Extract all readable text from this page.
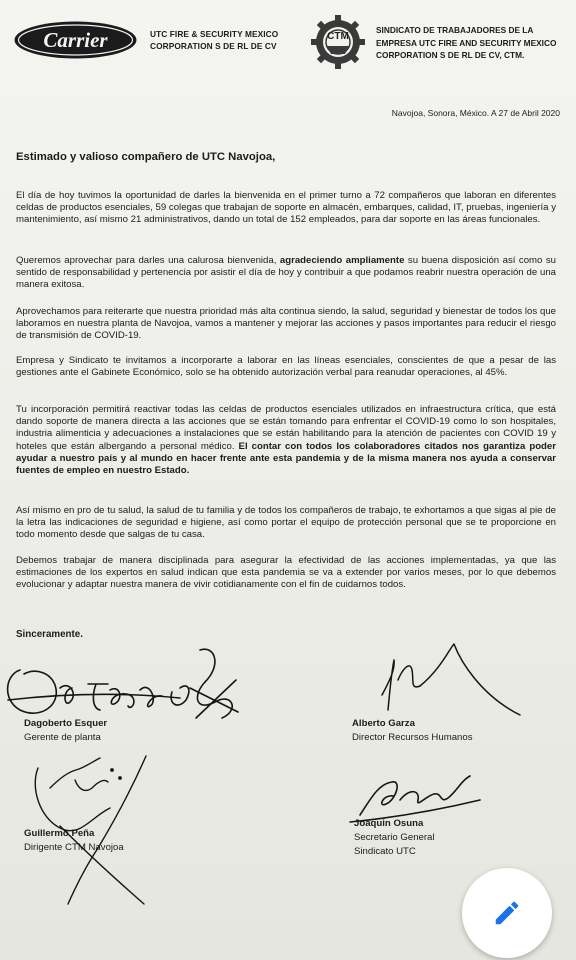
Carrier	UTC FIRE & SECURITY MEXICO
CORPORATION S DE RL DE CV
CTM
SINDICATO DE TRABAJADORES DE LA
EMPRESA UTC FIRE AND SECURITY MEXICO
CORPORATION S DE RL DE CV, CTM.
Navojoa, Sonora, México. A 27 de Abril 2020
Estimado y valioso compañero de UTC Navojoa,
El día de hoy tuvimos la oportunidad de darles la bienvenida en el primer turno a 72 compañeros que laboran en diferentes celdas de productos esenciales, 59 colegas que trabajan de soporte en almacén, embarques, calidad, IT, pruebas, ingeniería y mantenimiento, así mismo 21 administrativos, dando un total de 152 empleados, para dar soporte en las áreas funcionales.
Queremos aprovechar para darles una calurosa bienvenida, agradeciendo ampliamente su buena disposición así como su sentido de responsabilidad y pertenencia por asistir el día de hoy y contribuir a que podamos reabrir nuestra operación de una manera exitosa.
Aprovechamos para reiterarte que nuestra prioridad más alta continua siendo, la salud, seguridad y bienestar de todos los que laboramos en nuestra planta de Navojoa, vamos a mantener y mejorar las acciones y pasos importantes para reducir el riesgo de transmisión de COVID-19.
Empresa y Sindicato te invitamos a incorporarte a laborar en las líneas esenciales, conscientes de que a pesar de las gestiones ante el Gabinete Económico, solo se ha obtenido autorización verbal para reanudar operaciones, al 45%.
Tu incorporación permitirá reactivar todas las celdas de productos esenciales utilizados en infraestructura crítica, que está dando soporte de manera directa a las acciones que se están tomando para enfrentar el COVID-19 como lo son hospitales, industria alimenticia y adecuaciones a instalaciones que se están habilitando para la atención de pacientes con COVID 19 y hoteles que están albergando a personal médico. El contar con todos los colaboradores citados nos garantiza poder ayudar a nuestro país y al mundo en hacer frente ante esta pandemia y de la misma manera nos ayuda a conservar fuentes de empleo en nuestro Estado.
Así mismo en pro de tu salud, la salud de tu familia y de todos los compañeros de trabajo, te exhortamos a que sigas al pie de la letra las indicaciones de seguridad e higiene, así como portar el equipo de protección personal que se te proporcione en todo momento desde que salgas de tu casa.
Debemos trabajar de manera disciplinada para asegurar la efectividad de las acciones implementadas, ya que las estimaciones de los expertos en salud indican que esta pandemia se va a extender por varios meses, por lo que debemos evolucionar y adaptar nuestra manera de vivir cotidianamente con el fin de cuidarnos todos.
Sinceramente.
Dagoberto Esquer
Gerente de planta
Alberto Garza
Director Recursos Humanos
Guillermo Peña
Dirigente CTM Navojoa
Joaquin Osuna
Secretario General
Sindicato UTC
